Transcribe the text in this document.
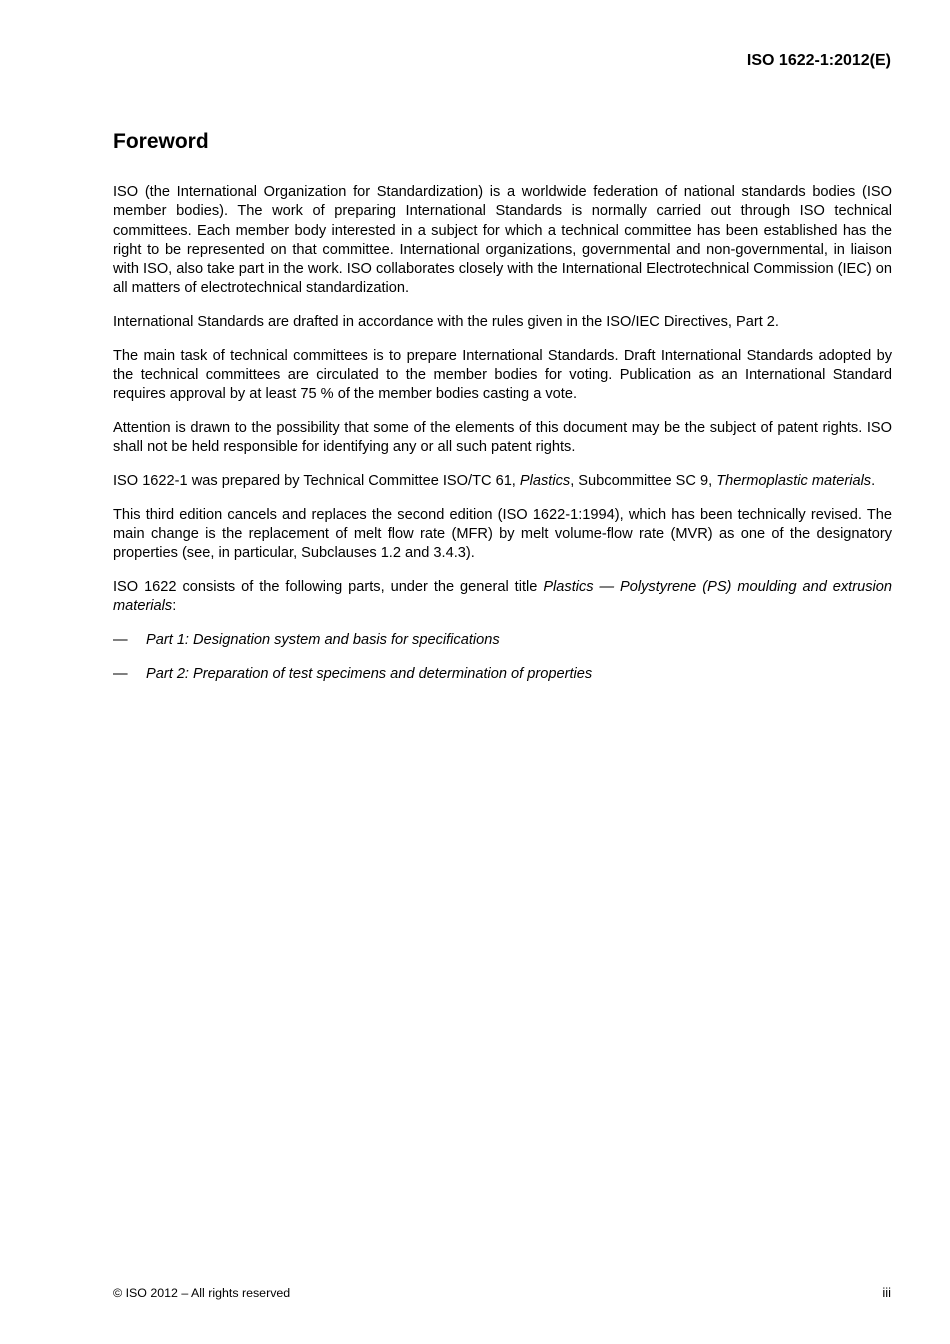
ISO 1622-1:2012(E)
Foreword

ISO (the International Organization for Standardization) is a worldwide federation of national standards bodies (ISO member bodies). The work of preparing International Standards is normally carried out through ISO technical committees. Each member body interested in a subject for which a technical committee has been established has the right to be represented on that committee. International organizations, governmental and non-governmental, in liaison with ISO, also take part in the work. ISO collaborates closely with the International Electrotechnical Commission (IEC) on all matters of electrotechnical standardization.

International Standards are drafted in accordance with the rules given in the ISO/IEC Directives, Part 2.

The main task of technical committees is to prepare International Standards. Draft International Standards adopted by the technical committees are circulated to the member bodies for voting. Publication as an International Standard requires approval by at least 75 % of the member bodies casting a vote.

Attention is drawn to the possibility that some of the elements of this document may be the subject of patent rights. ISO shall not be held responsible for identifying any or all such patent rights.

ISO 1622-1 was prepared by Technical Committee ISO/TC 61, Plastics, Subcommittee SC 9, Thermoplastic materials.

This third edition cancels and replaces the second edition (ISO 1622-1:1994), which has been technically revised. The main change is the replacement of melt flow rate (MFR) by melt volume-flow rate (MVR) as one of the designatory properties (see, in particular, Subclauses 1.2 and 3.4.3).

ISO 1622 consists of the following parts, under the general title Plastics — Polystyrene (PS) moulding and extrusion materials:

—	Part 1: Designation system and basis for specifications
—	Part 2: Preparation of test specimens and determination of properties
© ISO 2012 – All rights reserved	iii
